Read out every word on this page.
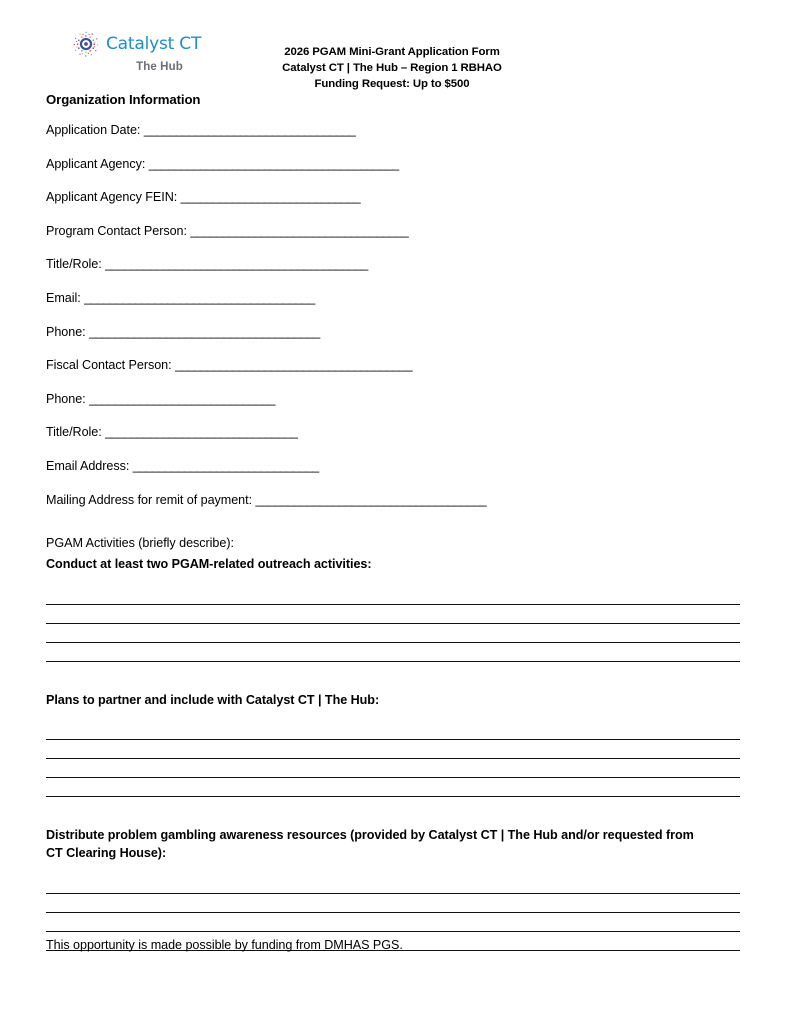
Catalyst CT
The Hub
2026 PGAM Mini-Grant Application Form
Catalyst CT | The Hub – Region 1 RBHAO
Funding Request: Up to $500
Organization Information
Application Date: _________________________________
Applicant Agency: _______________________________________
Applicant Agency FEIN: ____________________________
Program Contact Person: __________________________________
Title/Role: _________________________________________
Email: ____________________________________
Phone: ____________________________________
Fiscal Contact Person: _____________________________________
Phone: _____________________________
Title/Role: ______________________________
Email Address: _____________________________
Mailing Address for remit of payment: ____________________________________
PGAM Activities (briefly describe):
Conduct at least two PGAM-related outreach activities:
Plans to partner and include with Catalyst CT | The Hub:
Distribute problem gambling awareness resources (provided by Catalyst CT | The Hub and/or requested from CT Clearing House):
This opportunity is made possible by funding from DMHAS PGS.
